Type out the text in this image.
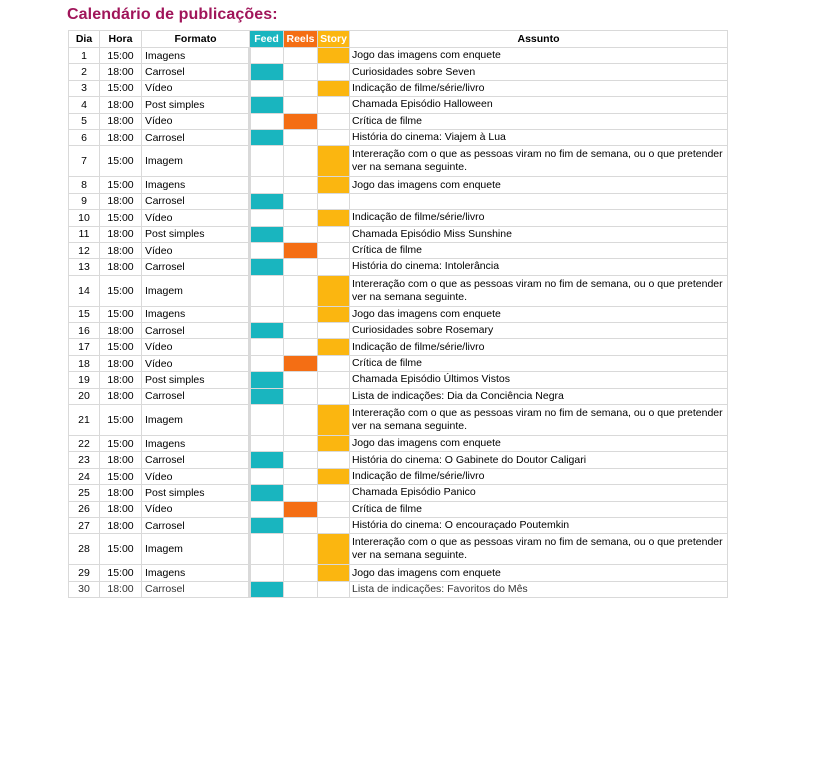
Calendário de publicações:
Dia	Hora	Formato	Feed	Reels	Story	Assunto
1	15:00	Imagens				Jogo das imagens com enquete
2	18:00	Carrosel				Curiosidades sobre Seven
3	15:00	Vídeo				Indicação de filme/série/livro
4	18:00	Post simples				Chamada Episódio Halloween
5	18:00	Vídeo				Crítica de filme
6	18:00	Carrosel				História do cinema: Viajem à Lua
7	15:00	Imagem				Intereração com o que as pessoas viram no fim de semana, ou o que pretender ver na semana seguinte.
8	15:00	Imagens				Jogo das imagens com enquete
9	18:00	Carrosel				
10	15:00	Vídeo				Indicação de filme/série/livro
11	18:00	Post simples				Chamada Episódio Miss Sunshine
12	18:00	Vídeo				Crítica de filme
13	18:00	Carrosel				História do cinema: Intolerância
14	15:00	Imagem				Intereração com o que as pessoas viram no fim de semana, ou o que pretender ver na semana seguinte.
15	15:00	Imagens				Jogo das imagens com enquete
16	18:00	Carrosel				Curiosidades sobre Rosemary
17	15:00	Vídeo				Indicação de filme/série/livro
18	18:00	Vídeo				Crítica de filme
19	18:00	Post simples				Chamada Episódio Últimos Vistos
20	18:00	Carrosel				Lista de indicações: Dia da Conciência Negra
21	15:00	Imagem				Intereração com o que as pessoas viram no fim de semana, ou o que pretender ver na semana seguinte.
22	15:00	Imagens				Jogo das imagens com enquete
23	18:00	Carrosel				História do cinema: O Gabinete do Doutor Caligari
24	15:00	Vídeo				Indicação de filme/série/livro
25	18:00	Post simples				Chamada Episódio Panico
26	18:00	Vídeo				Crítica de filme
27	18:00	Carrosel				História do cinema: O encouraçado Poutemkin
28	15:00	Imagem				Intereração com o que as pessoas viram no fim de semana, ou o que pretender ver na semana seguinte.
29	15:00	Imagens				Jogo das imagens com enquete
30	18:00	Carrosel				Lista de indicações: Favoritos do Mês
